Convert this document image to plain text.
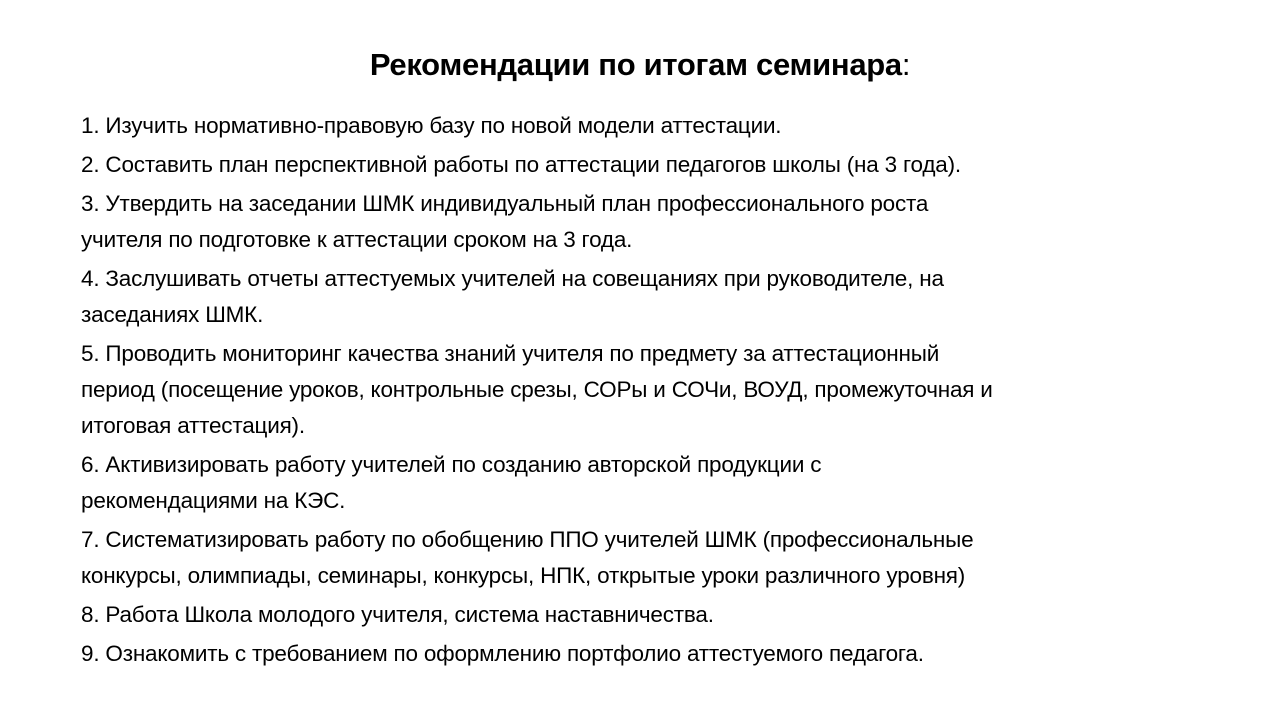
Рекомендации по итогам семинара:
1. Изучить нормативно-правовую базу по новой модели аттестации.
2. Составить план перспективной работы по аттестации педагогов школы (на 3 года).
3. Утвердить на заседании ШМК индивидуальный план профессионального роста
учителя по подготовке к аттестации сроком на 3 года.
4. Заслушивать отчеты аттестуемых учителей на совещаниях при руководителе, на
заседаниях ШМК.
5. Проводить мониторинг качества знаний учителя по предмету за аттестационный
период (посещение уроков, контрольные срезы, СОРы и СОЧи, ВОУД, промежуточная и
итоговая аттестация).
6. Активизировать работу учителей по созданию авторской продукции с
рекомендациями на КЭС.
7. Систематизировать работу по обобщению ППО учителей ШМК (профессиональные
конкурсы, олимпиады, семинары, конкурсы, НПК, открытые уроки различного уровня)
8. Работа Школа молодого учителя, система наставничества.
9. Ознакомить с требованием по оформлению портфолио аттестуемого педагога.
